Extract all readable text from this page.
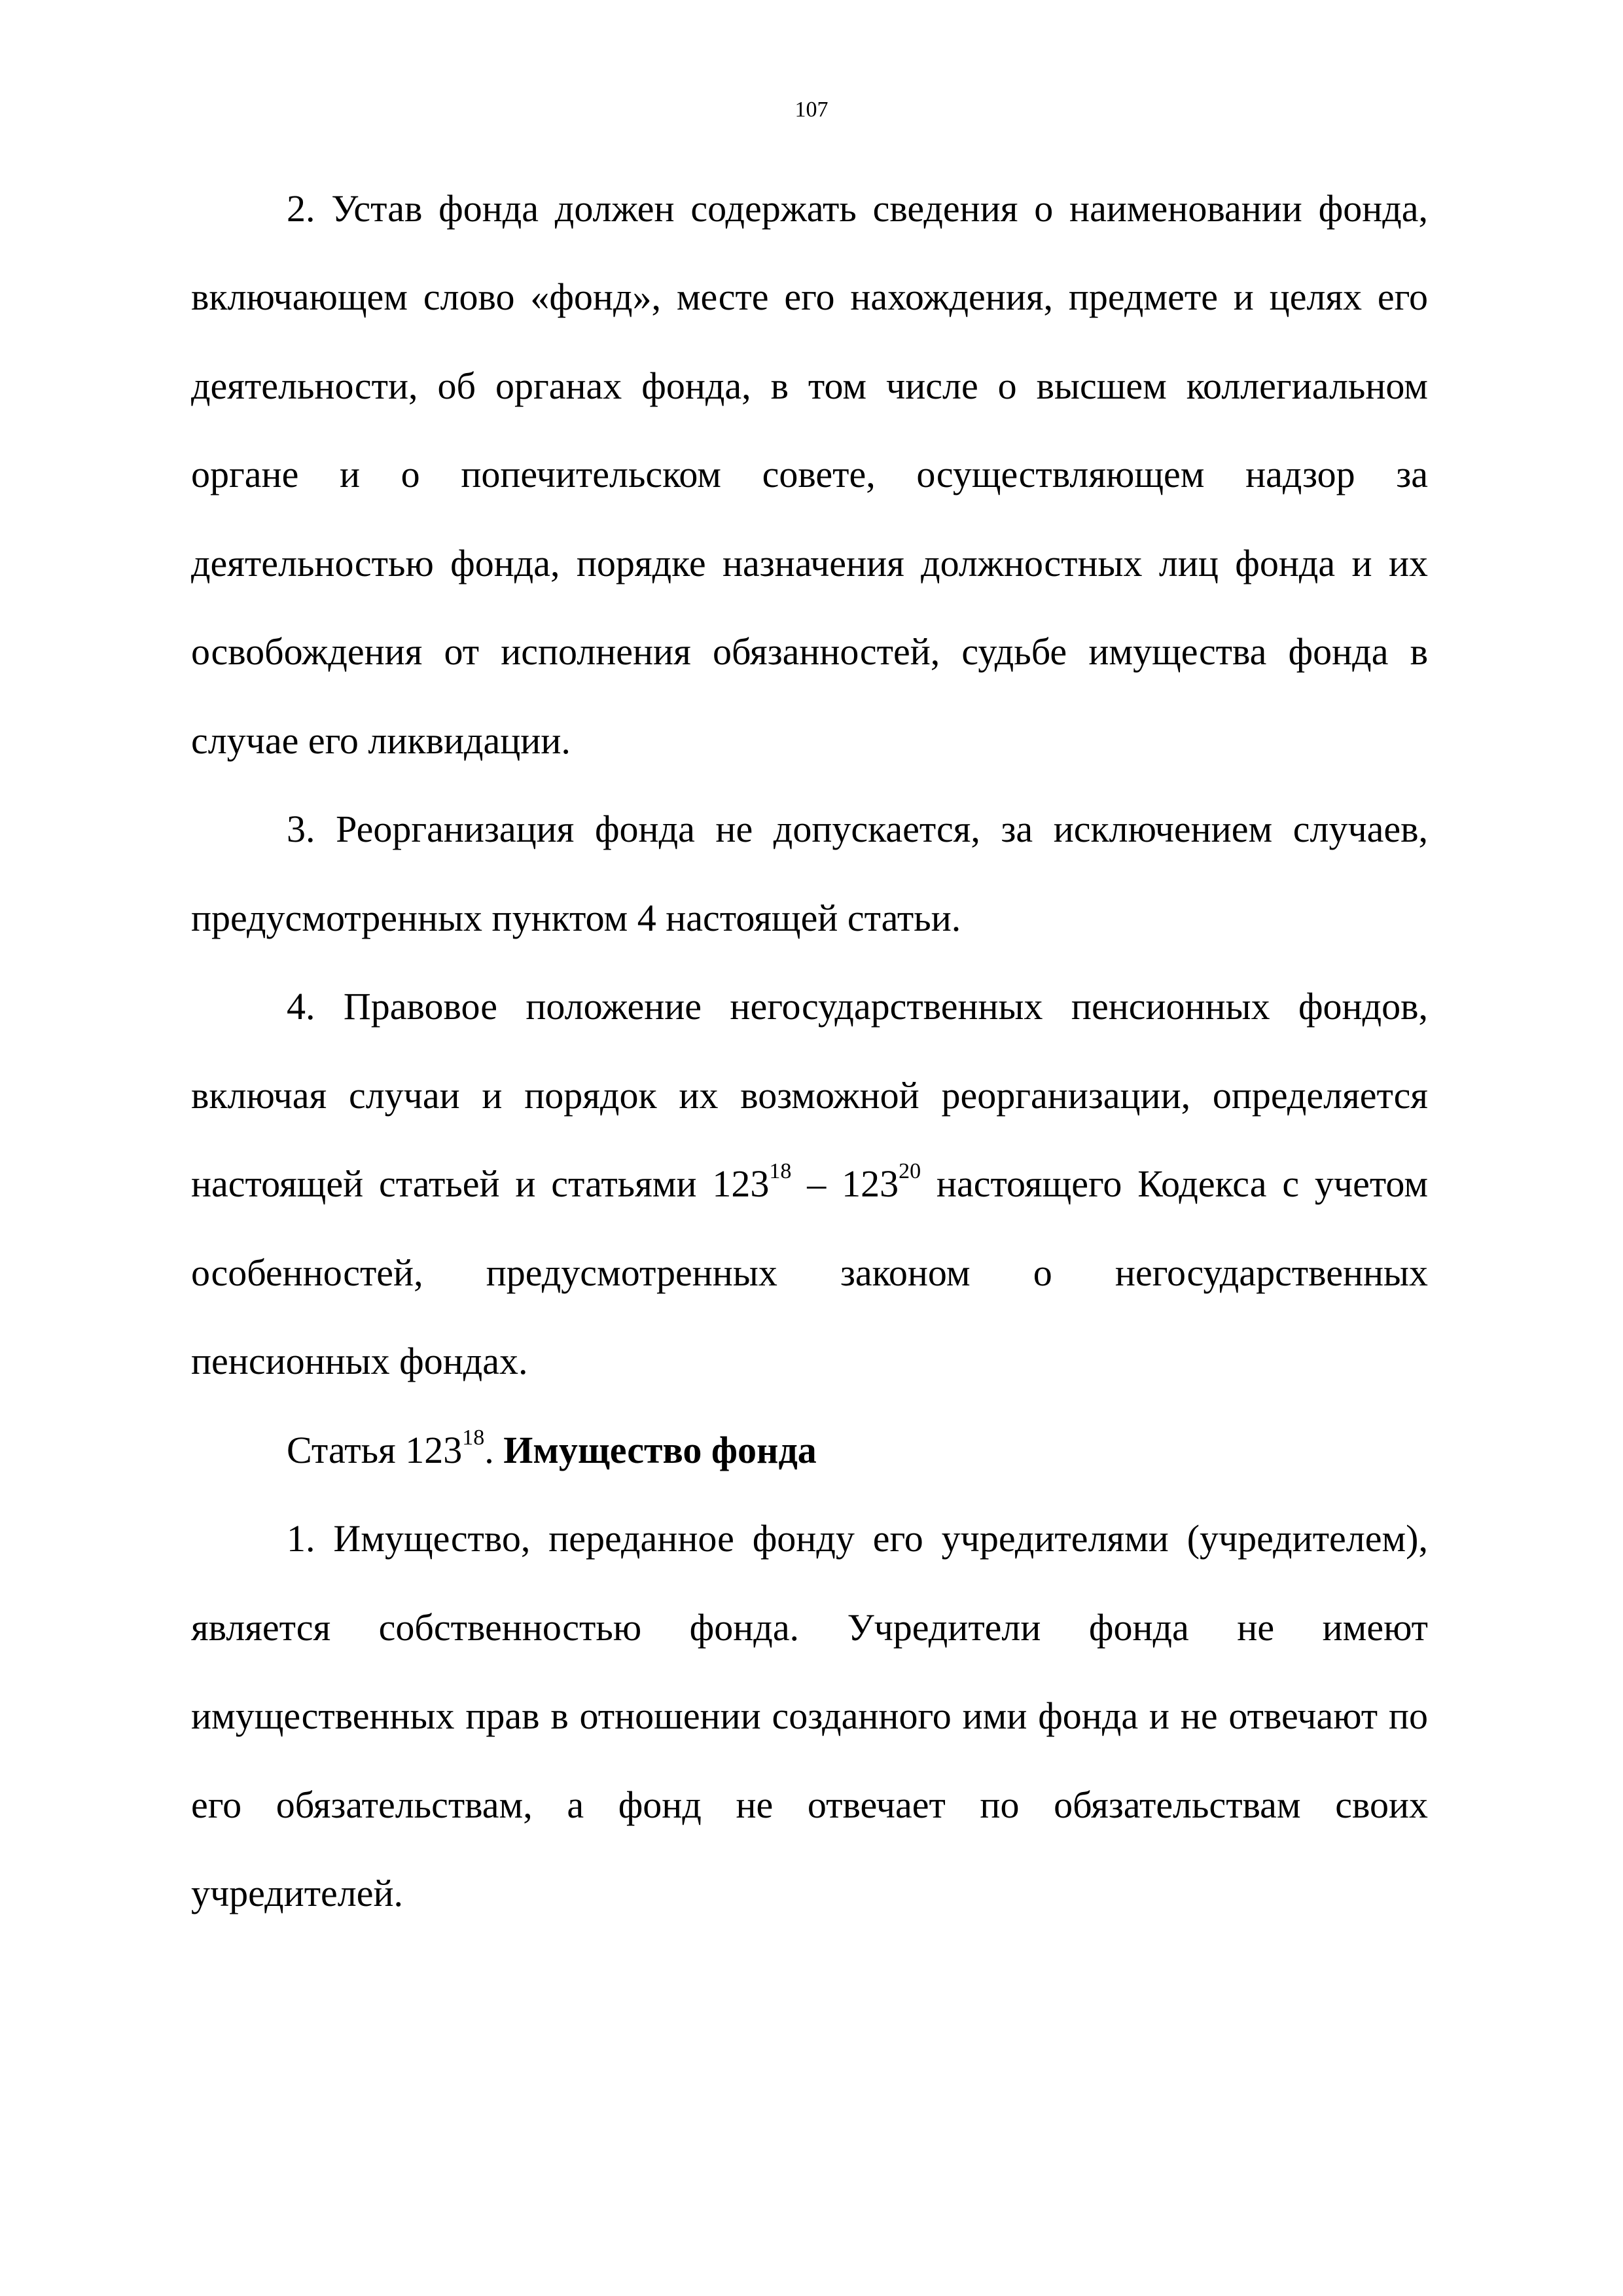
107
2. Устав фонда должен содержать сведения о наименовании фонда,
включающем слово «фонд», месте его нахождения, предмете и целях его
деятельности, об органах фонда, в том числе о высшем коллегиальном
органе и о попечительском совете, осуществляющем надзор за
деятельностью фонда, порядке назначения должностных лиц фонда и их
освобождения от исполнения обязанностей, судьбе имущества фонда в
случае его ликвидации.
3. Реорганизация фонда не допускается, за исключением случаев,
предусмотренных пунктом 4 настоящей статьи.
4. Правовое положение негосударственных пенсионных фондов,
включая случаи и порядок их возможной реорганизации, определяется
настоящей статьей и статьями $123^{18} - 123^{20}$ настоящего Кодекса с учетом
особенностей, предусмотренных законом о негосударственных
пенсионных фондах.
Статья $123^{18}$. Имущество фонда
1. Имущество, переданное фонду его учредителями (учредителем),
является собственностью фонда. Учредители фонда не имеют
имущественных прав в отношении созданного ими фонда и не отвечают по
его обязательствам, а фонд не отвечает по обязательствам своих
учредителей.
